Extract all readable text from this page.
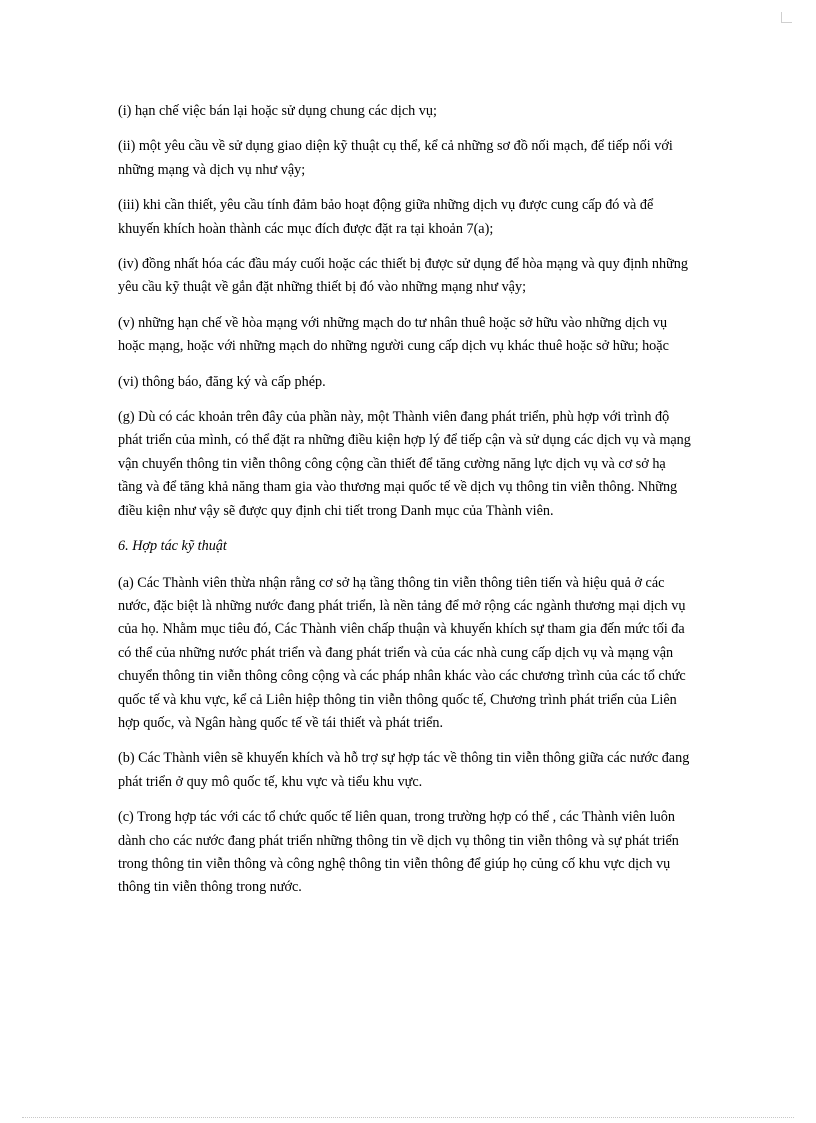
(i) hạn chế việc bán lại hoặc sử dụng chung các dịch vụ;

(ii) một yêu cầu về sử dụng giao diện kỹ thuật cụ thể, kể cả những sơ đồ nối mạch, để tiếp nối với những mạng và dịch vụ như vậy;

(iii) khi cần thiết, yêu cầu tính đảm bảo hoạt động giữa những dịch vụ được cung cấp đó và để khuyến khích hoàn thành các mục đích được đặt ra tại khoản 7(a);

(iv) đồng nhất hóa các đầu máy cuối hoặc các thiết bị được sử dụng để hòa mạng và quy định những yêu cầu kỹ thuật về gắn đặt những thiết bị đó vào những mạng như vậy;

(v) những hạn chế về hòa mạng với những mạch do tư nhân thuê hoặc sở hữu vào những dịch vụ hoặc mạng, hoặc với những mạch do những người cung cấp dịch vụ khác thuê hoặc sở hữu; hoặc

(vi) thông báo, đăng ký và cấp phép.

(g) Dù có các khoản trên đây của phần này, một Thành viên đang phát triển, phù hợp với trình độ phát triển của mình, có thể đặt ra những điều kiện hợp lý để tiếp cận và sử dụng các dịch vụ và mạng vận chuyển thông tin viễn thông công cộng cần thiết để tăng cường năng lực dịch vụ và cơ sở hạ tầng và để tăng khả năng tham gia vào thương mại quốc tế về dịch vụ thông tin viễn thông. Những điều kiện như vậy sẽ được quy định chi tiết trong Danh mục của Thành viên.

6. Hợp tác kỹ thuật

(a) Các Thành viên thừa nhận rằng cơ sở hạ tầng thông tin viễn thông tiên tiến và hiệu quả ở các nước, đặc biệt là những nước đang phát triển, là nền tảng để mở rộng các ngành thương mại dịch vụ của họ. Nhằm mục tiêu đó, Các Thành viên chấp thuận và khuyến khích sự tham gia đến mức tối đa có thể của những nước phát triển và đang phát triển và của các nhà cung cấp dịch vụ và mạng vận chuyển thông tin viễn thông công cộng và các pháp nhân khác vào các chương trình của các tổ chức quốc tế và khu vực, kể cả Liên hiệp thông tin viễn thông quốc tế, Chương trình phát triển của Liên hợp quốc, và Ngân hàng quốc tế về tái thiết và phát triển.

(b) Các Thành viên sẽ khuyến khích và hỗ trợ sự hợp tác về thông tin viễn thông giữa các nước đang phát triển ở quy mô quốc tế, khu vực và tiểu khu vực.

(c) Trong hợp tác với các tổ chức quốc tế liên quan, trong trường hợp có thể , các Thành viên luôn dành cho các nước đang phát triển những thông tin về dịch vụ thông tin viễn thông và sự phát triển trong thông tin viễn thông và công nghệ thông tin viễn thông để giúp họ củng cố khu vực dịch vụ thông tin viễn thông trong nước.
